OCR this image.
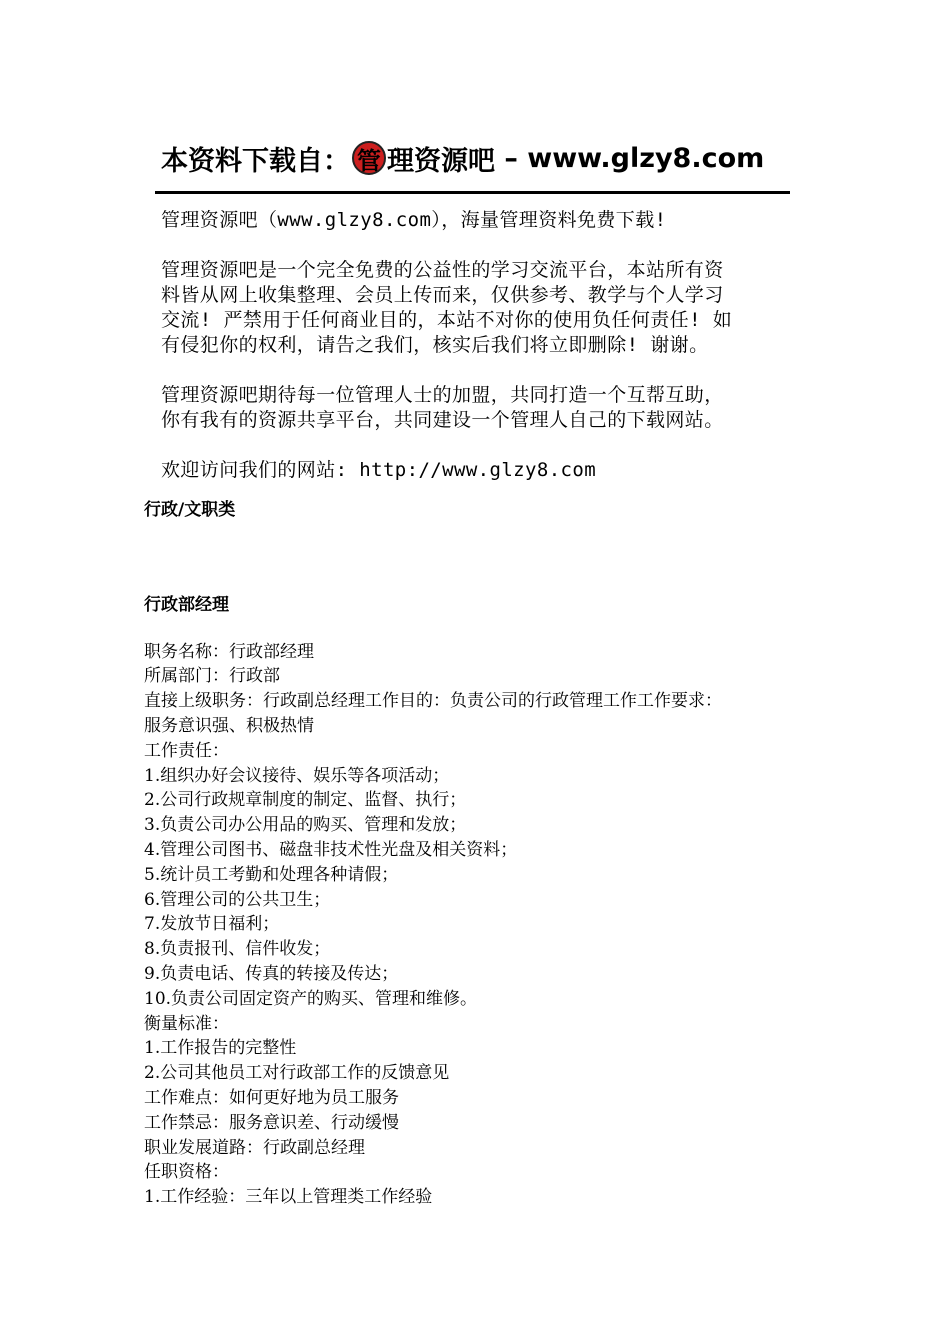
本资料下载自： 管 理资源吧 – www.glzy8.com

管理资源吧（www.glzy8.com），海量管理资料免费下载!

管理资源吧是一个完全免费的公益性的学习交流平台，本站所有资

料皆从网上收集整理、会员上传而来，仅供参考、教学与个人学习

交流! 严禁用于任何商业目的，本站不对你的使用负任何责任! 如

有侵犯你的权利，请告之我们，核实后我们将立即删除! 谢谢。

管理资源吧期待每一位管理人士的加盟，共同打造一个互帮互助，

你有我有的资源共享平台，共同建设一个管理人自己的下载网站。

欢迎访问我们的网站: http://www.glzy8.com

行政/文职类

行政部经理

职务名称：行政部经理

所属部门：行政部

直接上级职务：行政副总经理工作目的：负责公司的行政管理工作工作要求：

服务意识强、积极热情

工作责任：

1.组织办好会议接待、娱乐等各项活动；

2.公司行政规章制度的制定、监督、执行；

3.负责公司办公用品的购买、管理和发放；

4.管理公司图书、磁盘非技术性光盘及相关资料；

5.统计员工考勤和处理各种请假；

6.管理公司的公共卫生；

7.发放节日福利；

8.负责报刊、信件收发；

9.负责电话、传真的转接及传达；

10.负责公司固定资产的购买、管理和维修。

衡量标准：

1.工作报告的完整性

2.公司其他员工对行政部工作的反馈意见

工作难点：如何更好地为员工服务

工作禁忌：服务意识差、行动缓慢

职业发展道路：行政副总经理

任职资格：

1.工作经验：三年以上管理类工作经验
